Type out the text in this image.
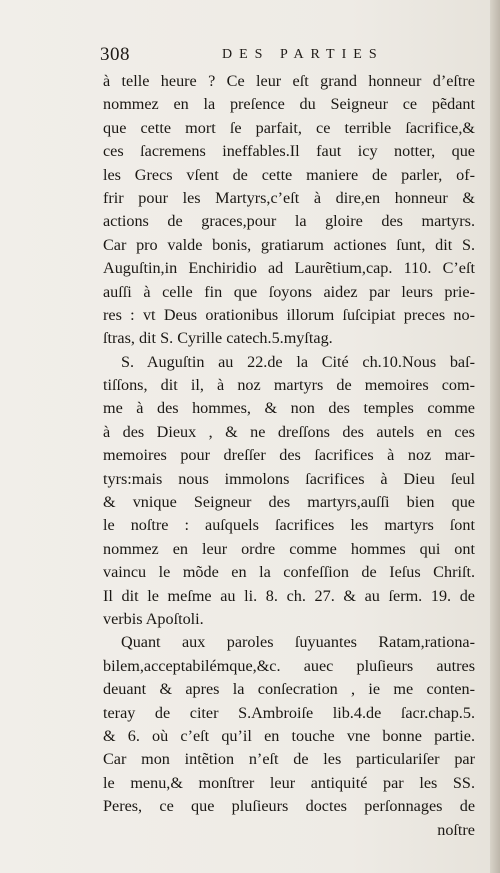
308	DES PARTIES
à telle heure ? Ce leur eſt grand honneur d’eſtre
nommez en la preſence du Seigneur ce pẽdant
que cette mort ſe parfait, ce terrible ſacrifice,&
ces ſacremens ineffables.Il faut icy notter, que
les Grecs vſent de cette maniere de parler, of-
frir pour les Martyrs,c’eſt à dire,en honneur &
actions de graces,pour la gloire des martyrs.
Car pro valde bonis, gratiarum actiones ſunt, dit S.
Auguſtin,in Enchiridio ad Laurẽtium,cap. 110. C’eſt
auſſi à celle fin que ſoyons aidez par leurs prie-
res : vt Deus orationibus illorum ſuſcipiat preces no-
ſtras, dit S. Cyrille catech.5.myſtag.
S. Auguſtin au 22.de la Cité ch.10.Nous baſ-
tiſſons, dit il, à noz martyrs de memoires com-
me à des hommes, & non des temples comme
à des Dieux , & ne dreſſons des autels en ces
memoires pour dreſſer des ſacrifices à noz mar-
tyrs:mais nous immolons ſacrifices à Dieu ſeul
& vnique Seigneur des martyrs,auſſi bien que
le noſtre : auſquels ſacrifices les martyrs ſont
nommez en leur ordre comme hommes qui ont
vaincu le mõde en la confeſſion de Ieſus Chriſt.
Il dit le meſme au li. 8. ch. 27. & au ſerm. 19. de
verbis Apoſtoli.
Quant aux paroles ſuyuantes Ratam,rationa-
bilem,acceptabilémque,&c. auec pluſieurs autres
deuant & apres la conſecration , ie me conten-
teray de citer S.Ambroiſe lib.4.de ſacr.chap.5.
& 6. où c’eſt qu’il en touche vne bonne partie.
Car mon intẽtion n’eſt de les particulariſer par
le menu,& monſtrer leur antiquité par les SS.
Peres, ce que pluſieurs doctes perſonnages de
noſtre
